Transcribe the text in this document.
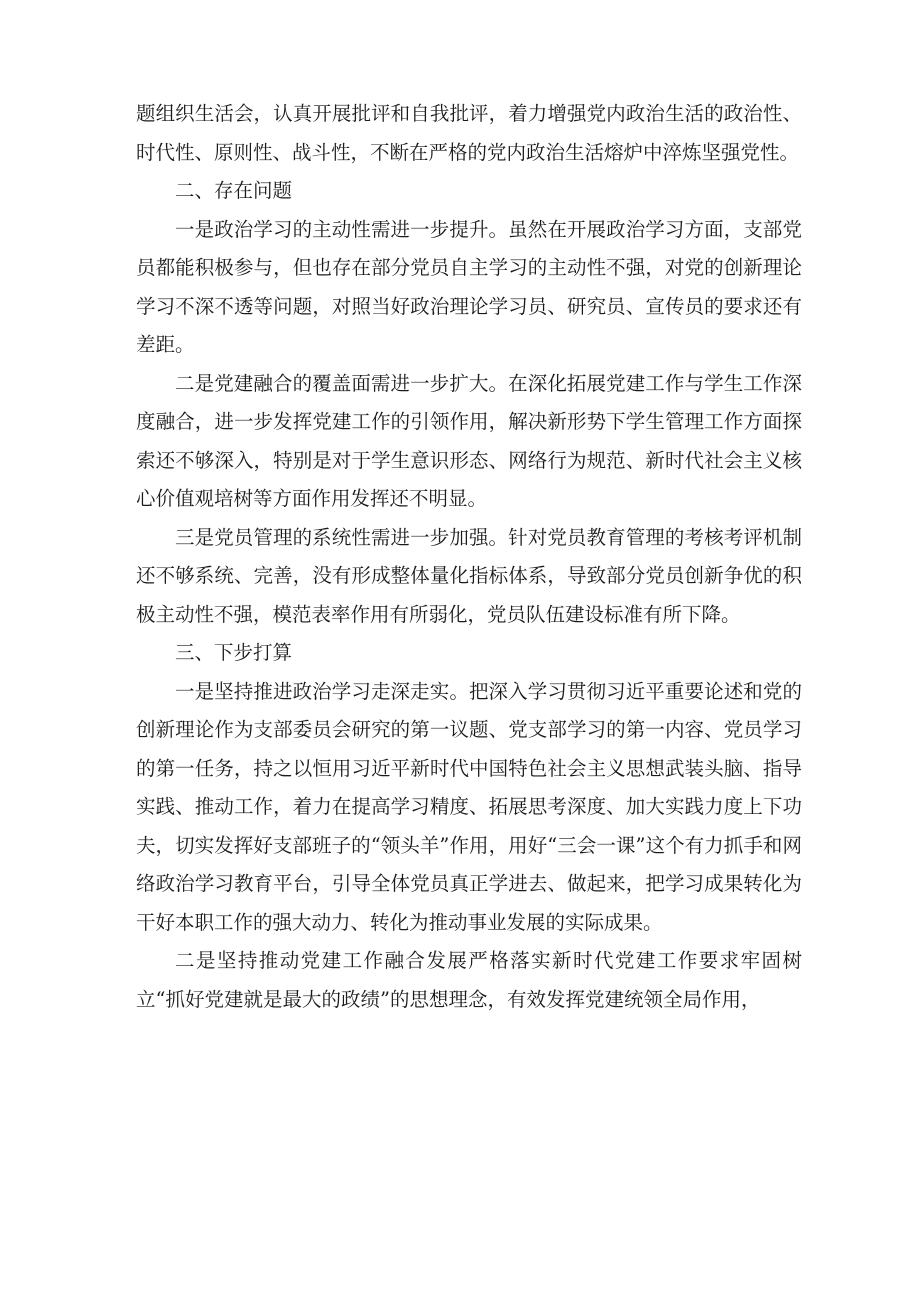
题组织生活会，认真开展批评和自我批评，着力增强党内政治生活的政治性、时代性、原则性、战斗性，不断在严格的党内政治生活熔炉中淬炼坚强党性。

二、存在问题

一是政治学习的主动性需进一步提升。虽然在开展政治学习方面，支部党员都能积极参与，但也存在部分党员自主学习的主动性不强，对党的创新理论学习不深不透等问题，对照当好政治理论学习员、研究员、宣传员的要求还有差距。

二是党建融合的覆盖面需进一步扩大。在深化拓展党建工作与学生工作深度融合，进一步发挥党建工作的引领作用，解决新形势下学生管理工作方面探索还不够深入，特别是对于学生意识形态、网络行为规范、新时代社会主义核心价值观培树等方面作用发挥还不明显。

三是党员管理的系统性需进一步加强。针对党员教育管理的考核考评机制还不够系统、完善，没有形成整体量化指标体系，导致部分党员创新争优的积极主动性不强，模范表率作用有所弱化，党员队伍建设标准有所下降。

三、下步打算

一是坚持推进政治学习走深走实。把深入学习贯彻习近平重要论述和党的创新理论作为支部委员会研究的第一议题、党支部学习的第一内容、党员学习的第一任务，持之以恒用习近平新时代中国特色社会主义思想武装头脑、指导实践、推动工作，着力在提高学习精度、拓展思考深度、加大实践力度上下功夫，切实发挥好支部班子的“领头羊”作用，用好“三会一课”这个有力抓手和网络政治学习教育平台，引导全体党员真正学进去、做起来，把学习成果转化为干好本职工作的强大动力、转化为推动事业发展的实际成果。

二是坚持推动党建工作融合发展严格落实新时代党建工作要求牢固树立“抓好党建就是最大的政绩”的思想理念，有效发挥党建统领全局作用，
